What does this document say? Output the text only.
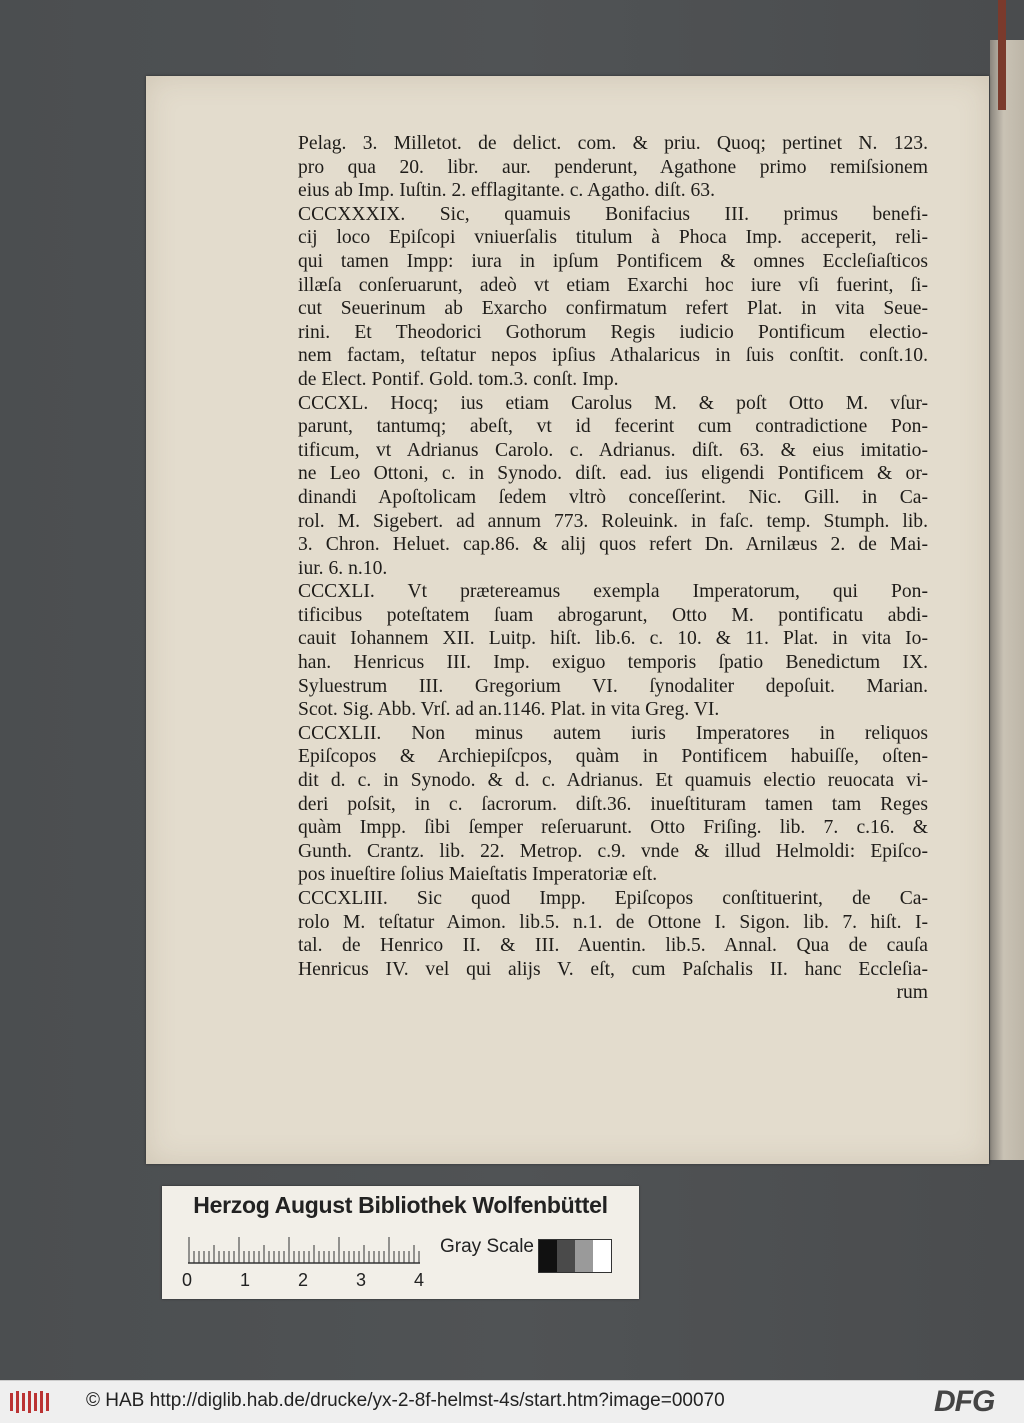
Pelag. 3. Milletot. de delict. com. & priu. Quoq; pertinet N. 123.
pro qua 20. libr. aur. penderunt, Agathone primo remiſsionem
eius ab Imp. Iuſtin. 2. efflagitante. c. Agatho. diſt. 63.
CCCXXXIX. Sic, quamuis Bonifacius III. primus benefi-
cij loco Epiſcopi vniuerſalis titulum à Phoca Imp. acceperit, reli-
qui tamen Impp: iura in ipſum Pontificem & omnes Eccleſiaſticos
illæſa conſeruarunt, adeò vt etiam Exarchi hoc iure vſi fuerint, ſi-
cut Seuerinum ab Exarcho confirmatum refert Plat. in vita Seue-
rini. Et Theodorici Gothorum Regis iudicio Pontificum electio-
nem factam, teſtatur nepos ipſius Athalaricus in ſuis conſtit. conſt.10.
de Elect. Pontif. Gold. tom.3. conſt. Imp.
CCCXL. Hocq; ius etiam Carolus M. & poſt Otto M. vſur-
parunt, tantumq; abeſt, vt id fecerint cum contradictione Pon-
tificum, vt Adrianus Carolo. c. Adrianus. diſt. 63. & eius imitatio-
ne Leo Ottoni, c. in Synodo. diſt. ead. ius eligendi Pontificem & or-
dinandi Apoſtolicam ſedem vltrò conceſſerint. Nic. Gill. in Ca-
rol. M. Sigebert. ad annum 773. Roleuink. in faſc. temp. Stumph. lib.
3. Chron. Heluet. cap.86. & alij quos refert Dn. Arnilæus 2. de Mai-
iur. 6. n.10.
CCCXLI. Vt prætereamus exempla Imperatorum, qui Pon-
tificibus poteſtatem ſuam abrogarunt, Otto M. pontificatu abdi-
cauit Iohannem XII. Luitp. hiſt. lib.6. c. 10. & 11. Plat. in vita Io-
han. Henricus III. Imp. exiguo temporis ſpatio Benedictum IX.
Syluestrum III. Gregorium VI. ſynodaliter depoſuit. Marian.
Scot. Sig. Abb. Vrſ. ad an.1146. Plat. in vita Greg. VI.
CCCXLII. Non minus autem iuris Imperatores in reliquos
Epiſcopos & Archiepiſcpos, quàm in Pontificem habuiſſe, oſten-
dit d. c. in Synodo. & d. c. Adrianus. Et quamuis electio reuocata vi-
deri poſsit, in c. ſacrorum. diſt.36. inueſtituram tamen tam Reges
quàm Impp. ſibi ſemper reſeruarunt. Otto Friſing. lib. 7. c.16. &
Gunth. Crantz. lib. 22. Metrop. c.9. vnde & illud Helmoldi: Epiſco-
pos inueſtire ſolius Maieſtatis Imperatoriæ eſt.
CCCXLIII. Sic quod Impp. Epiſcopos conſtituerint, de Ca-
rolo M. teſtatur Aimon. lib.5. n.1. de Ottone I. Sigon. lib. 7. hiſt. I-
tal. de Henrico II. & III. Auentin. lib.5. Annal. Qua de cauſa
Henricus IV. vel qui alijs V. eſt, cum Paſchalis II. hanc Eccleſia-
rum
Herzog August Bibliothek Wolfenbüttel
0	1	2	3	4
Gray Scale
© HAB http://diglib.hab.de/drucke/yx-2-8f-helmst-4s/start.htm?image=00070	DFG
